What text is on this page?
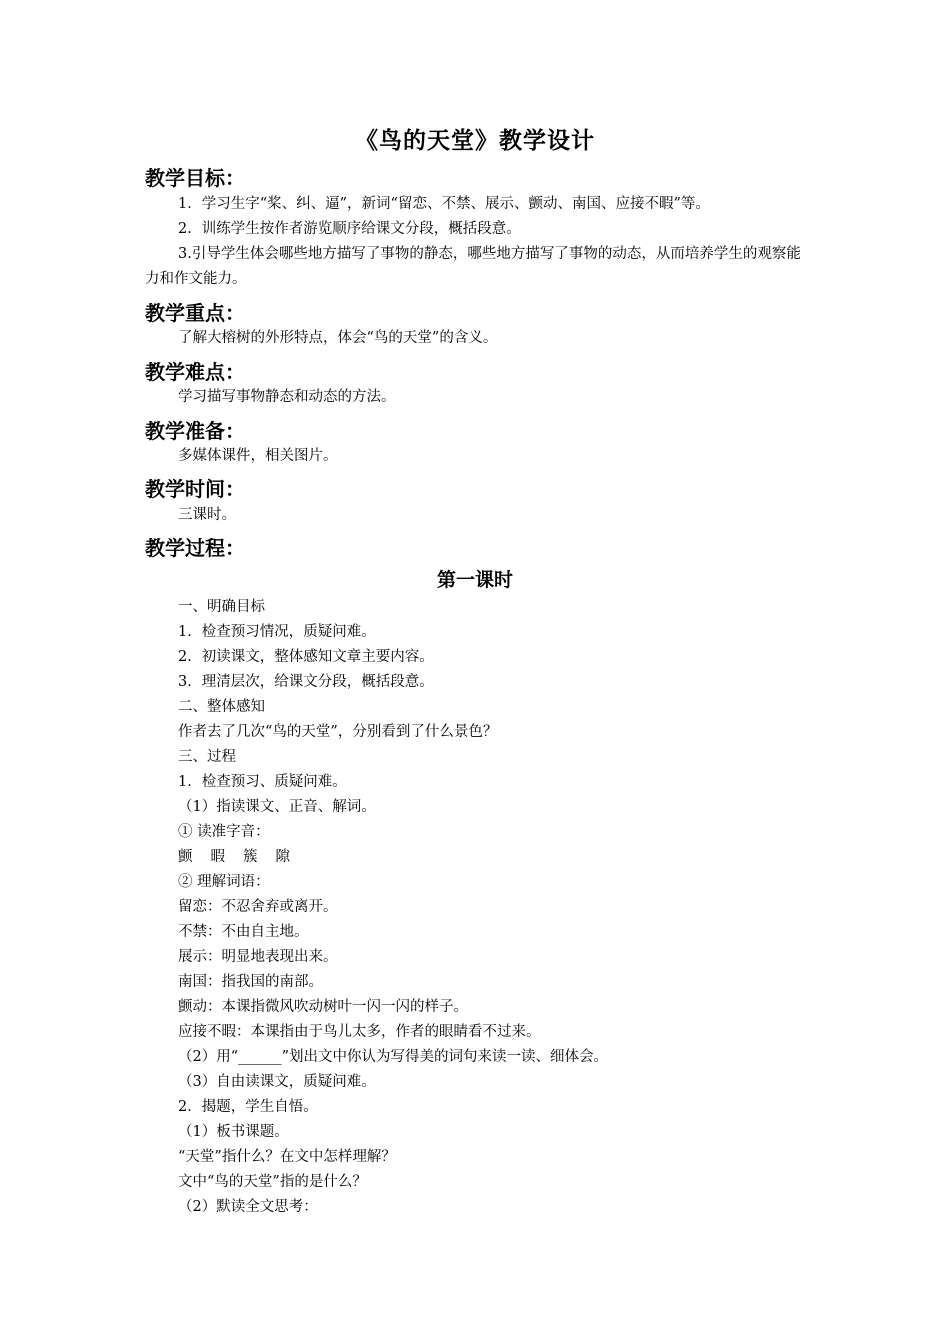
《鸟的天堂》教学设计
教学目标：
1．学习生字“桨、纠、逼”，新词“留恋、不禁、展示、颤动、南国、应接不暇”等。
2．训练学生按作者游览顺序给课文分段，概括段意。
3.引导学生体会哪些地方描写了事物的静态，哪些地方描写了事物的动态，从而培养学生的观察能力和作文能力。
教学重点：
了解大榕树的外形特点，体会“鸟的天堂”的含义。
教学难点：
学习描写事物静态和动态的方法。
教学准备：
多媒体课件，相关图片。
教学时间：
三课时。
教学过程：
第一课时
一、明确目标
1．检查预习情况，质疑问难。
2．初读课文，整体感知文章主要内容。
3．理清层次，给课文分段，概括段意。
二、整体感知
作者去了几次“鸟的天堂”，分别看到了什么景色？
三、过程
1．检查预习、质疑问难。
（1）指读课文、正音、解词。
① 读准字音：
颤 暇 簇 隙
② 理解词语：
留恋：不忍舍弃或离开。
不禁：不由自主地。
展示：明显地表现出来。
南国：指我国的南部。
颤动：本课指微风吹动树叶一闪一闪的样子。
应接不暇：本课指由于鸟儿太多，作者的眼睛看不过来。
（2）用“______”划出文中你认为写得美的词句来读一读、细体会。
（3）自由读课文，质疑问难。
2．揭题，学生自悟。
（1）板书课题。
“天堂”指什么？在文中怎样理解？
文中“鸟的天堂”指的是什么？
（2）默读全文思考：
